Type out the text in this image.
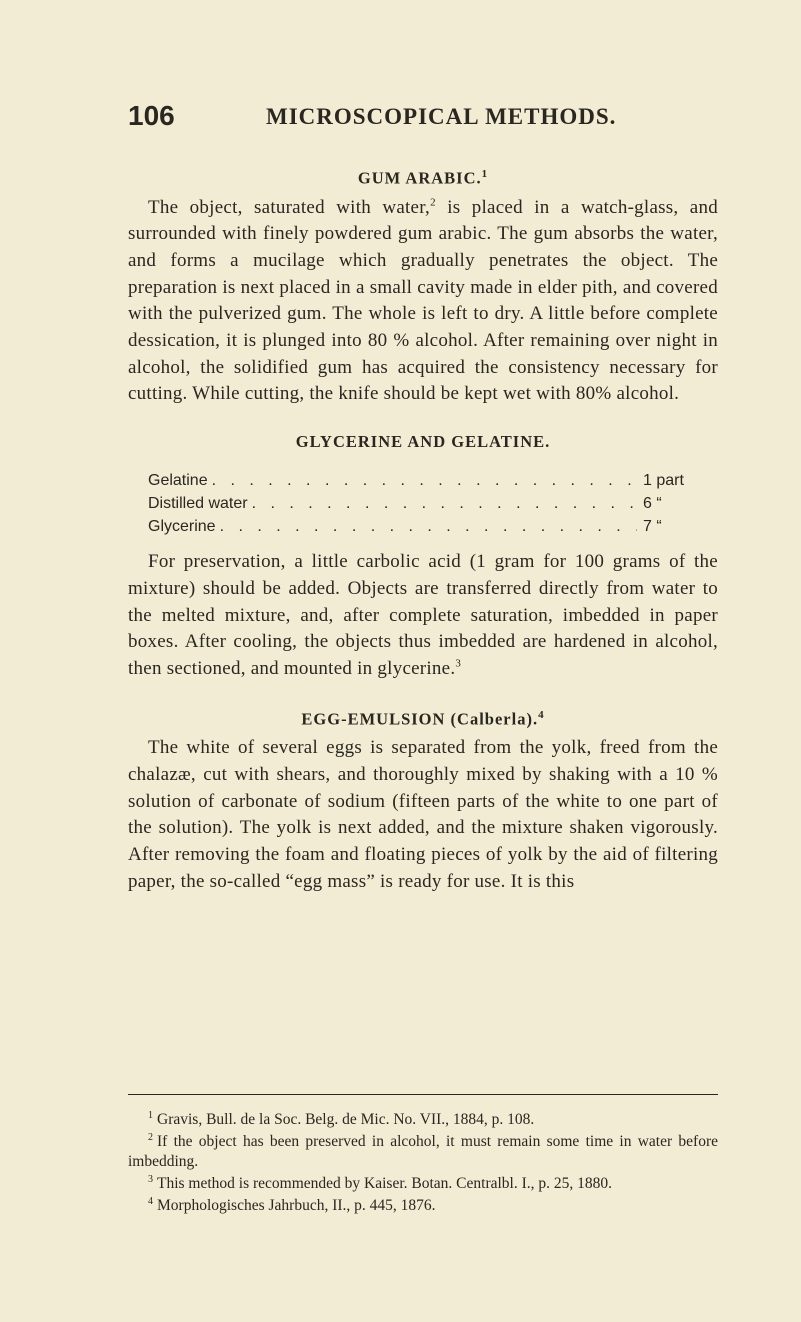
106	MICROSCOPICAL METHODS.
GUM ARABIC.$^1$

The object, saturated with water,$^2$ is placed in a watch-glass, and surrounded with finely powdered gum arabic. The gum absorbs the water, and forms a mucilage which gradually penetrates the object. The preparation is next placed in a small cavity made in elder pith, and covered with the pulverized gum. The whole is left to dry. A little before complete dessication, it is plunged into 80 % alcohol. After remaining over night in alcohol, the solidified gum has acquired the consistency necessary for cutting. While cutting, the knife should be kept wet with 80% alcohol.

GLYCERINE AND GELATINE.
Gelatine . . .	1 part
Distilled water . . .	6 “
Glycerine . . .	7 “

For preservation, a little carbolic acid (1 gram for 100 grams of the mixture) should be added. Objects are transferred directly from water to the melted mixture, and, after complete saturation, imbedded in paper boxes. After cooling, the objects thus imbedded are hardened in alcohol, then sectioned, and mounted in glycerine.$^3$

EGG-EMULSION (Calberla).$^4$

The white of several eggs is separated from the yolk, freed from the chalazæ, cut with shears, and thoroughly mixed by shaking with a 10 % solution of carbonate of sodium (fifteen parts of the white to one part of the solution). The yolk is next added, and the mixture shaken vigorously. After removing the foam and floating pieces of yolk by the aid of filtering paper, the so-called “egg mass” is ready for use. It is this

$^1$ Gravis, Bull. de la Soc. Belg. de Mic. No. VII., 1884, p. 108.

$^2$ If the object has been preserved in alcohol, it must remain some time in water before imbedding.

$^3$ This method is recommended by Kaiser. Botan. Centralbl. I., p. 25, 1880.

$^4$ Morphologisches Jahrbuch, II., p. 445, 1876.
